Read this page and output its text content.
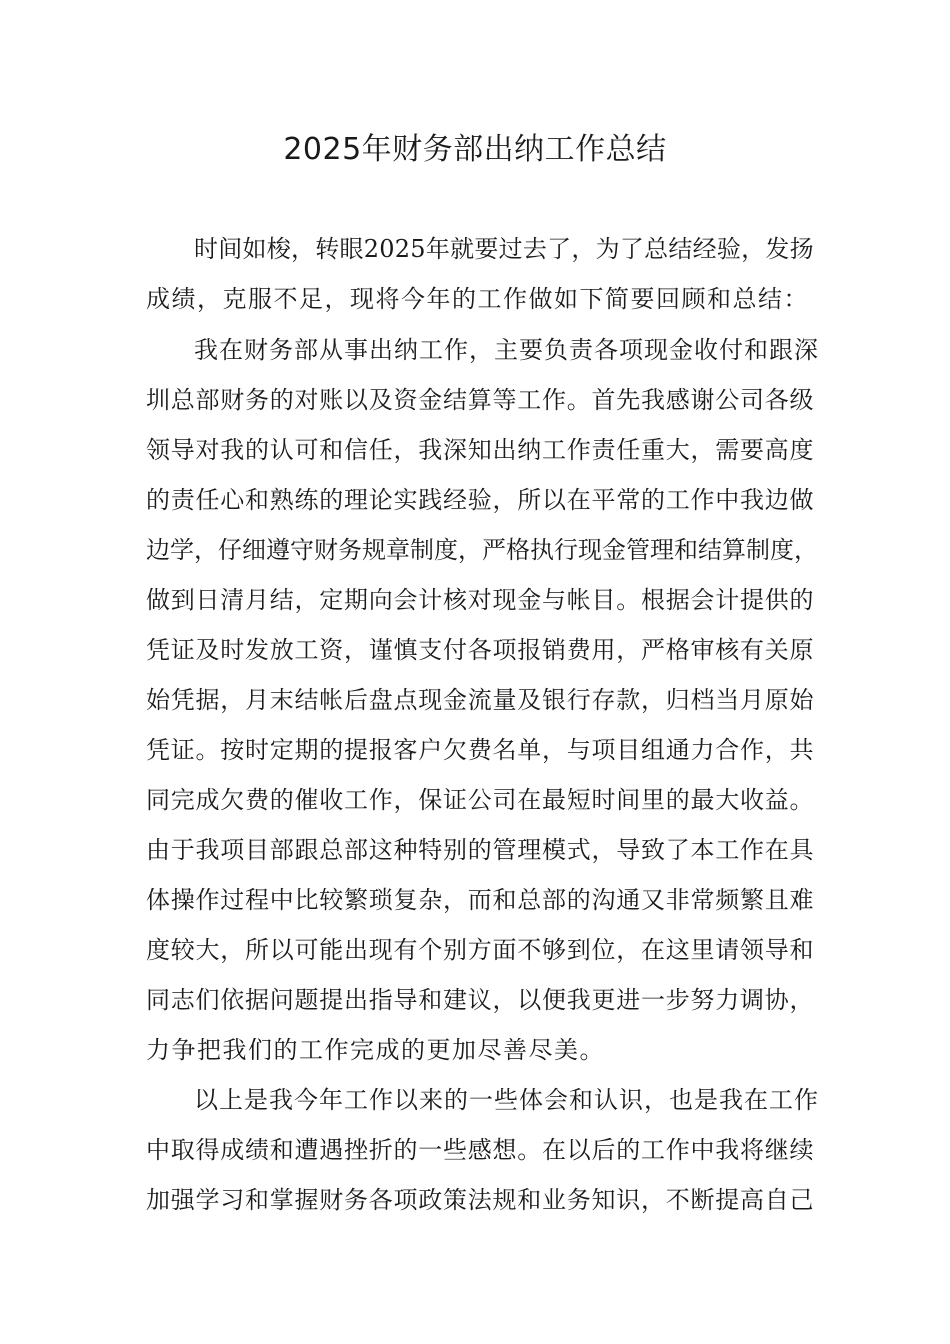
2025年财务部出纳工作总结
时间如梭，转眼2025年就要过去了，为了总结经验，发扬
成绩，克服不足，现将今年的工作做如下简要回顾和总结：
我在财务部从事出纳工作，主要负责各项现金收付和跟深
圳总部财务的对账以及资金结算等工作。首先我感谢公司各级
领导对我的认可和信任，我深知出纳工作责任重大，需要高度
的责任心和熟练的理论实践经验，所以在平常的工作中我边做
边学，仔细遵守财务规章制度，严格执行现金管理和结算制度，
做到日清月结，定期向会计核对现金与帐目。根据会计提供的
凭证及时发放工资，谨慎支付各项报销费用，严格审核有关原
始凭据，月末结帐后盘点现金流量及银行存款，归档当月原始
凭证。按时定期的提报客户欠费名单，与项目组通力合作，共
同完成欠费的催收工作，保证公司在最短时间里的最大收益。
由于我项目部跟总部这种特别的管理模式，导致了本工作在具
体操作过程中比较繁琐复杂，而和总部的沟通又非常频繁且难
度较大，所以可能出现有个别方面不够到位，在这里请领导和
同志们依据问题提出指导和建议，以便我更进一步努力调协，
力争把我们的工作完成的更加尽善尽美。
以上是我今年工作以来的一些体会和认识，也是我在工作
中取得成绩和遭遇挫折的一些感想。在以后的工作中我将继续
加强学习和掌握财务各项政策法规和业务知识，不断提高自己
